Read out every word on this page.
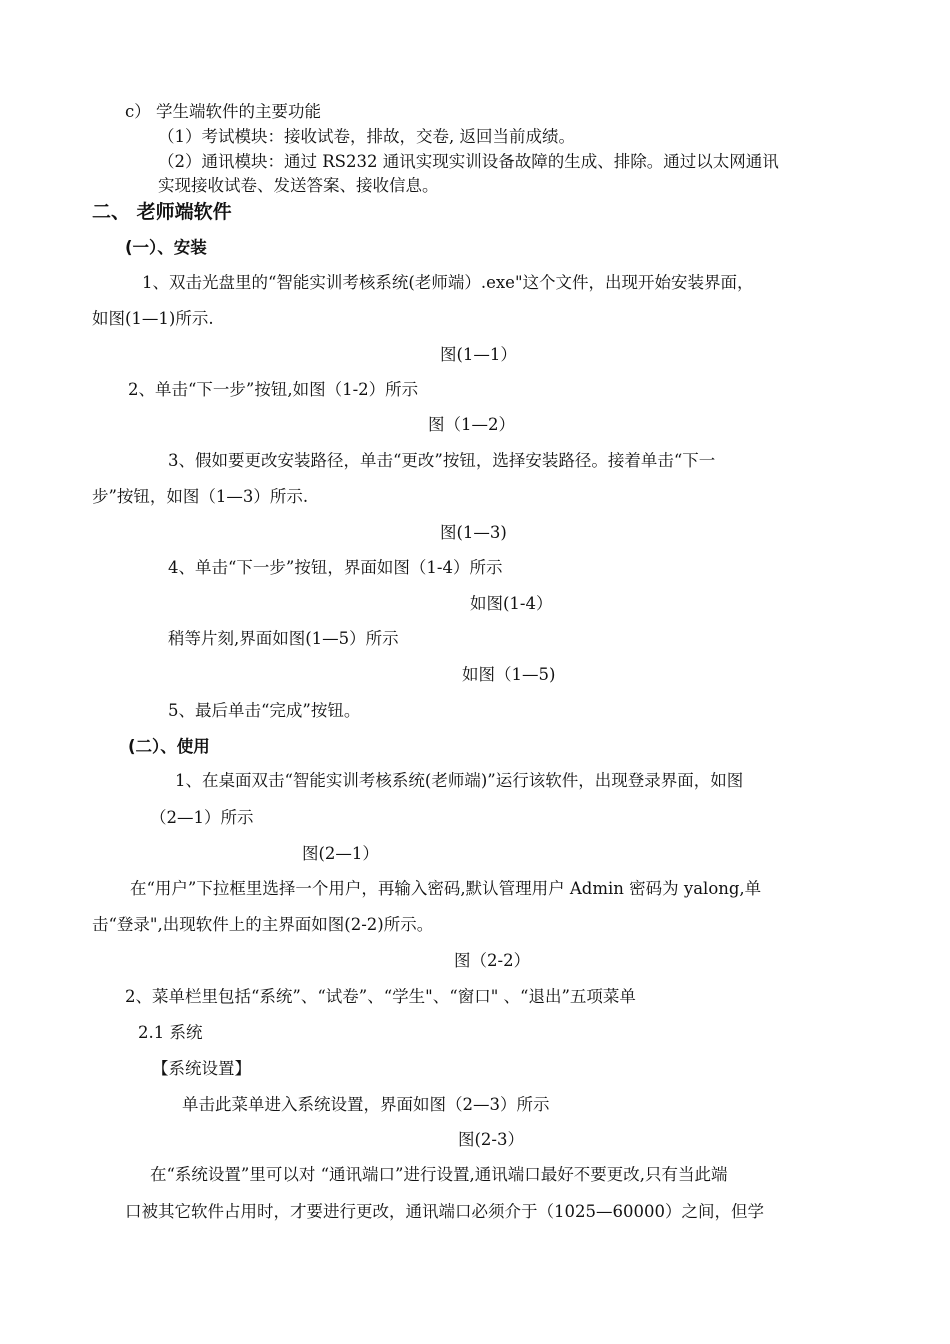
c） 学生端软件的主要功能
（1）考试模块：接收试卷，排故，交卷, 返回当前成绩。
（2）通讯模块：通过 RS232 通讯实现实训设备故障的生成、排除。通过以太网通讯
实现接收试卷、发送答案、接收信息。
二、 老师端软件
(一）、安装
1、双击光盘里的“智能实训考核系统(老师端）.exe"这个文件，出现开始安装界面，
如图(1—1)所示.
图(1—1）
2、单击“下一步”按钮,如图（1-2）所示
图（1—2）
3、假如要更改安装路径，单击“更改”按钮，选择安装路径。接着单击“下一
步”按钮，如图（1—3）所示.
图(1—3)
4、单击“下一步”按钮，界面如图（1-4）所示
如图(1-4）
稍等片刻,界面如图(1—5）所示
如图（1—5)
5、最后单击“完成”按钮。
(二）、使用
1、在桌面双击“智能实训考核系统(老师端)”运行该软件，出现登录界面，如图
（2—1）所示
图(2—1）
在“用户”下拉框里选择一个用户，再输入密码,默认管理用户 Admin 密码为 yalong,单
击“登录",出现软件上的主界面如图(2-2)所示。
图（2-2）
2、菜单栏里包括“系统”、“试卷”、“学生"、“窗口" 、“退出”五项菜单
2.1 系统
【系统设置】
单击此菜单进入系统设置，界面如图（2—3）所示
图(2-3）
在“系统设置”里可以对 “通讯端口”进行设置,通讯端口最好不要更改,只有当此端
口被其它软件占用时，才要进行更改，通讯端口必须介于（1025—60000）之间，但学
